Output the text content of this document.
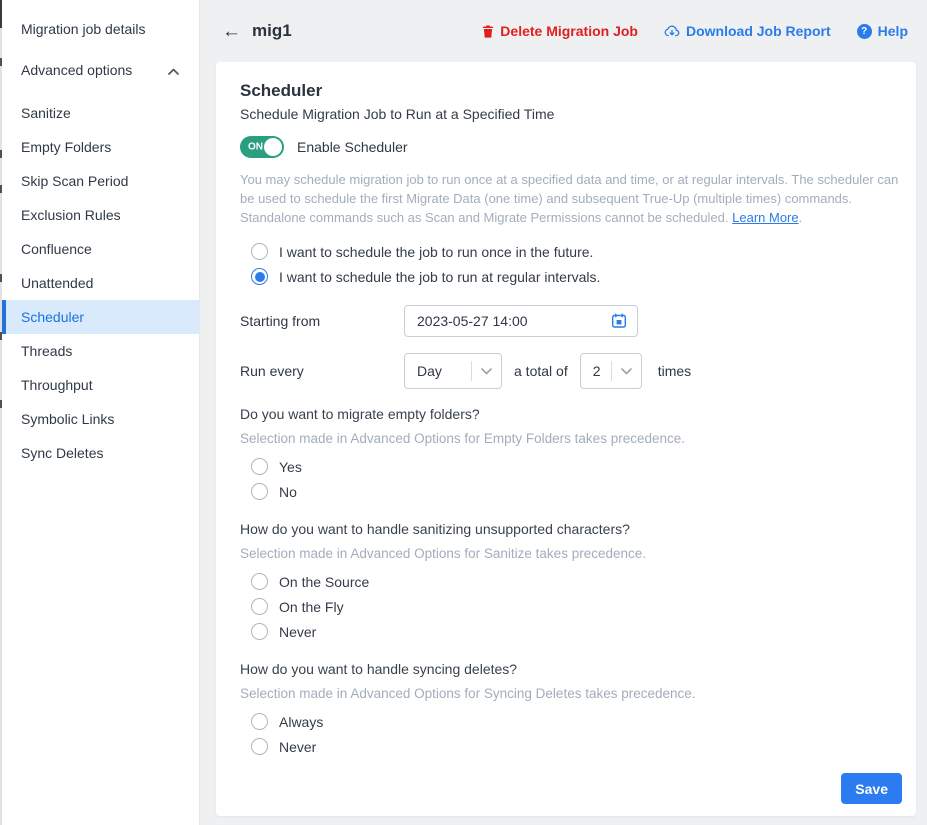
Migration job details
Advanced options
Sanitize
Empty Folders
Skip Scan Period
Exclusion Rules
Confluence
Unattended
Scheduler
Threads
Throughput
Symbolic Links
Sync Deletes
← mig1	Delete Migration Job	Download Job Report	? Help
Scheduler
Schedule Migration Job to Run at a Specified Time
ON Enable Scheduler

You may schedule migration job to run once at a specified data and time, or at regular intervals. The scheduler can be used to schedule the first Migrate Data (one time) and subsequent True-Up (multiple times) commands. Standalone commands such as Scan and Migrate Permissions cannot be scheduled. Learn More.

I want to schedule the job to run once in the future.
I want to schedule the job to run at regular intervals.
Starting from
2023-05-27 14:00
Run every	Day	a total of	2	times
Do you want to migrate empty folders?
Selection made in Advanced Options for Empty Folders takes precedence.
Yes
No
How do you want to handle sanitizing unsupported characters?
Selection made in Advanced Options for Sanitize takes precedence.
On the Source
On the Fly
Never
How do you want to handle syncing deletes?
Selection made in Advanced Options for Syncing Deletes takes precedence.
Always
Never
Save
